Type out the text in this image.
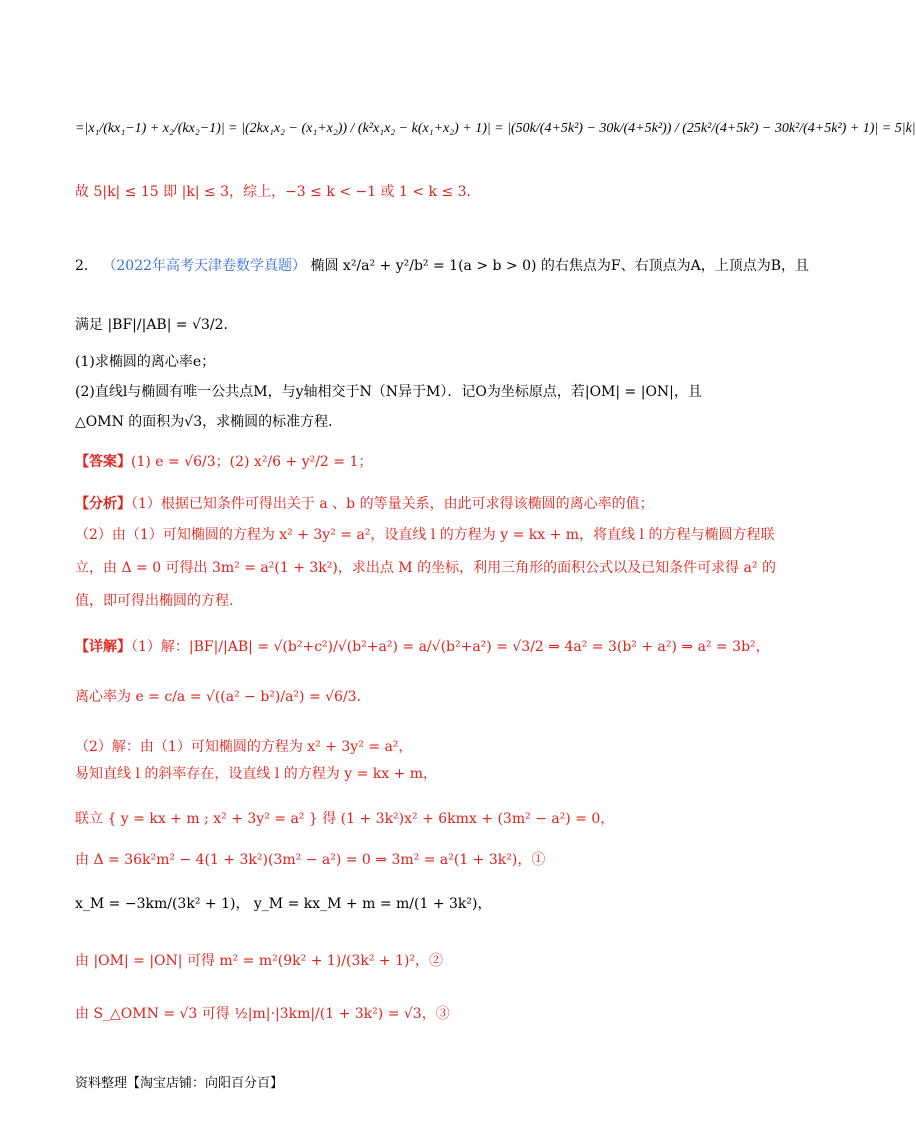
=|x₁/(kx₁−1) + x₂/(kx₂−1)| = |(2kx₁x₂ − (x₁+x₂)) / (k²x₁x₂ − k(x₁+x₂) + 1)| = |(50k/(4+5k²) − 30k/(4+5k²)) / (25k²/(4+5k²) − 30k²/(4+5k²) + 1)| = 5|k|
故 5|k| ≤ 15 即 |k| ≤ 3，综上，−3 ≤ k < −1 或 1 < k ≤ 3．
2． （2022年高考天津卷数学真题） 椭圆 x²/a² + y²/b² = 1(a > b > 0) 的右焦点为F、右顶点为A，上顶点为B，且
满足 |BF|/|AB| = √3/2．
(1)求椭圆的离心率e；
(2)直线l与椭圆有唯一公共点M，与y轴相交于N（N异于M）．记O为坐标原点，若|OM| = |ON|，且
△OMN 的面积为√3，求椭圆的标准方程．
【答案】(1) e = √6/3；(2) x²/6 + y²/2 = 1；
【分析】（1）根据已知条件可得出关于 a 、b 的等量关系，由此可求得该椭圆的离心率的值；
（2）由（1）可知椭圆的方程为 x² + 3y² = a²，设直线 l 的方程为 y = kx + m，将直线 l 的方程与椭圆方程联
立，由 Δ = 0 可得出 3m² = a²(1 + 3k²)，求出点 M 的坐标，利用三角形的面积公式以及已知条件可求得 a² 的
值，即可得出椭圆的方程.
【详解】（1）解：|BF|/|AB| = √(b²+c²)/√(b²+a²) = a/√(b²+a²) = √3/2 ⇒ 4a² = 3(b² + a²) ⇒ a² = 3b²，
离心率为 e = c/a = √((a² − b²)/a²) = √6/3．
（2）解：由（1）可知椭圆的方程为 x² + 3y² = a²，
易知直线 l 的斜率存在，设直线 l 的方程为 y = kx + m，
联立 { y = kx + m ; x² + 3y² = a² } 得 (1 + 3k²)x² + 6kmx + (3m² − a²) = 0，
由 Δ = 36k²m² − 4(1 + 3k²)(3m² − a²) = 0 ⇒ 3m² = a²(1 + 3k²)，①
x_M = −3km/(3k² + 1)， y_M = kx_M + m = m/(1 + 3k²)，
由 |OM| = |ON| 可得 m² = m²(9k² + 1)/(3k² + 1)²，②
由 S_△OMN = √3 可得 ½|m|·|3km|/(1 + 3k²) = √3，③
资料整理【淘宝店铺：向阳百分百】
